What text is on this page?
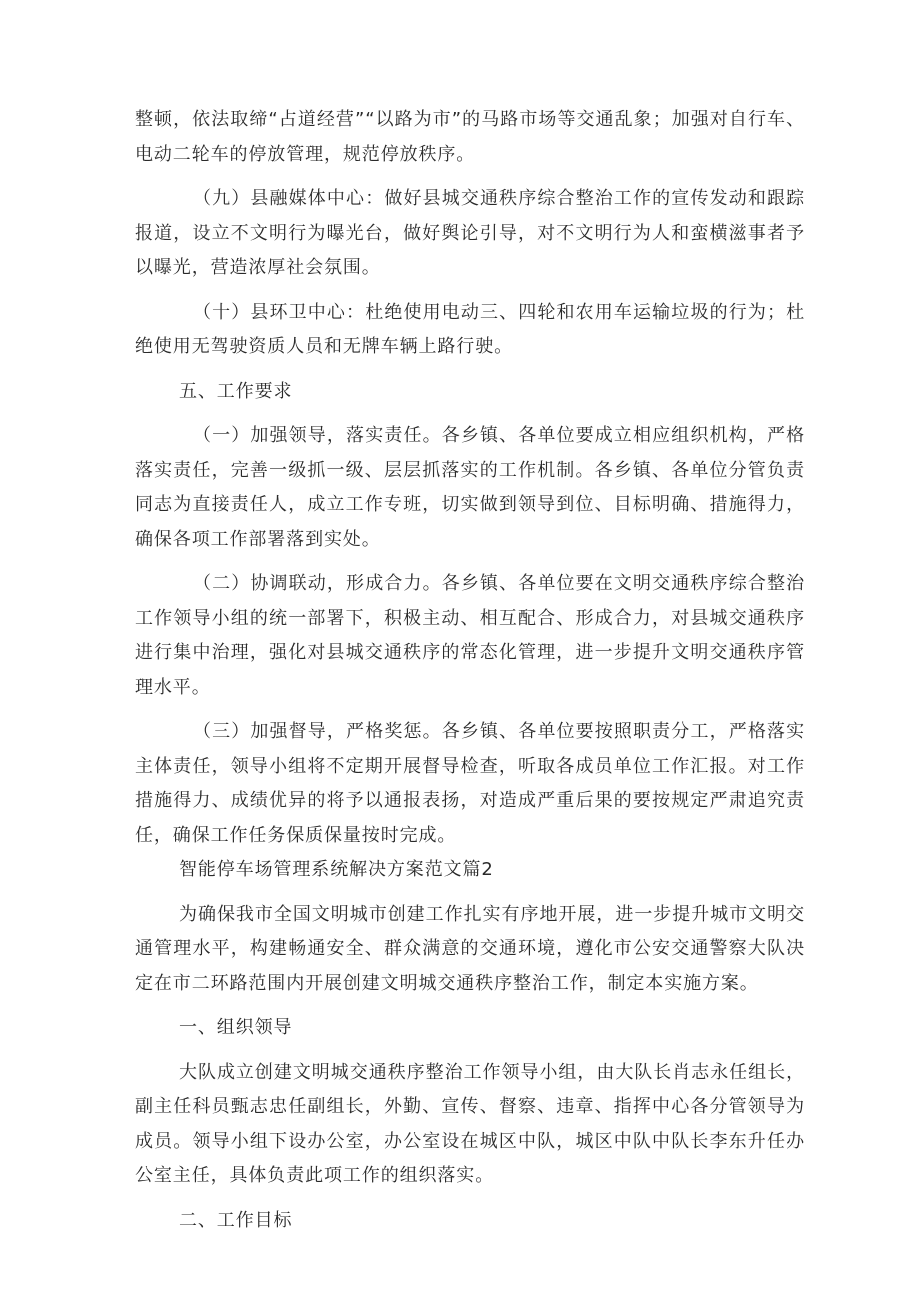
整顿，依法取缔“占道经营”“以路为市”的马路市场等交通乱象；加强对自行车、电动二轮车的停放管理，规范停放秩序。

（九）县融媒体中心：做好县城交通秩序综合整治工作的宣传发动和跟踪报道，设立不文明行为曝光台，做好舆论引导，对不文明行为人和蛮横滋事者予以曝光，营造浓厚社会氛围。

（十）县环卫中心：杜绝使用电动三、四轮和农用车运输垃圾的行为；杜绝使用无驾驶资质人员和无牌车辆上路行驶。

五、工作要求

（一）加强领导，落实责任。各乡镇、各单位要成立相应组织机构，严格落实责任，完善一级抓一级、层层抓落实的工作机制。各乡镇、各单位分管负责同志为直接责任人，成立工作专班，切实做到领导到位、目标明确、措施得力，确保各项工作部署落到实处。

（二）协调联动，形成合力。各乡镇、各单位要在文明交通秩序综合整治工作领导小组的统一部署下，积极主动、相互配合、形成合力，对县城交通秩序进行集中治理，强化对县城交通秩序的常态化管理，进一步提升文明交通秩序管理水平。

（三）加强督导，严格奖惩。各乡镇、各单位要按照职责分工，严格落实主体责任，领导小组将不定期开展督导检查，听取各成员单位工作汇报。对工作措施得力、成绩优异的将予以通报表扬，对造成严重后果的要按规定严肃追究责任，确保工作任务保质保量按时完成。

智能停车场管理系统解决方案范文篇2

为确保我市全国文明城市创建工作扎实有序地开展，进一步提升城市文明交通管理水平，构建畅通安全、群众满意的交通环境，遵化市公安交通警察大队决定在市二环路范围内开展创建文明城交通秩序整治工作，制定本实施方案。

一、组织领导

大队成立创建文明城交通秩序整治工作领导小组，由大队长肖志永任组长，副主任科员甄志忠任副组长，外勤、宣传、督察、违章、指挥中心各分管领导为成员。领导小组下设办公室，办公室设在城区中队，城区中队中队长李东升任办公室主任，具体负责此项工作的组织落实。

二、工作目标
